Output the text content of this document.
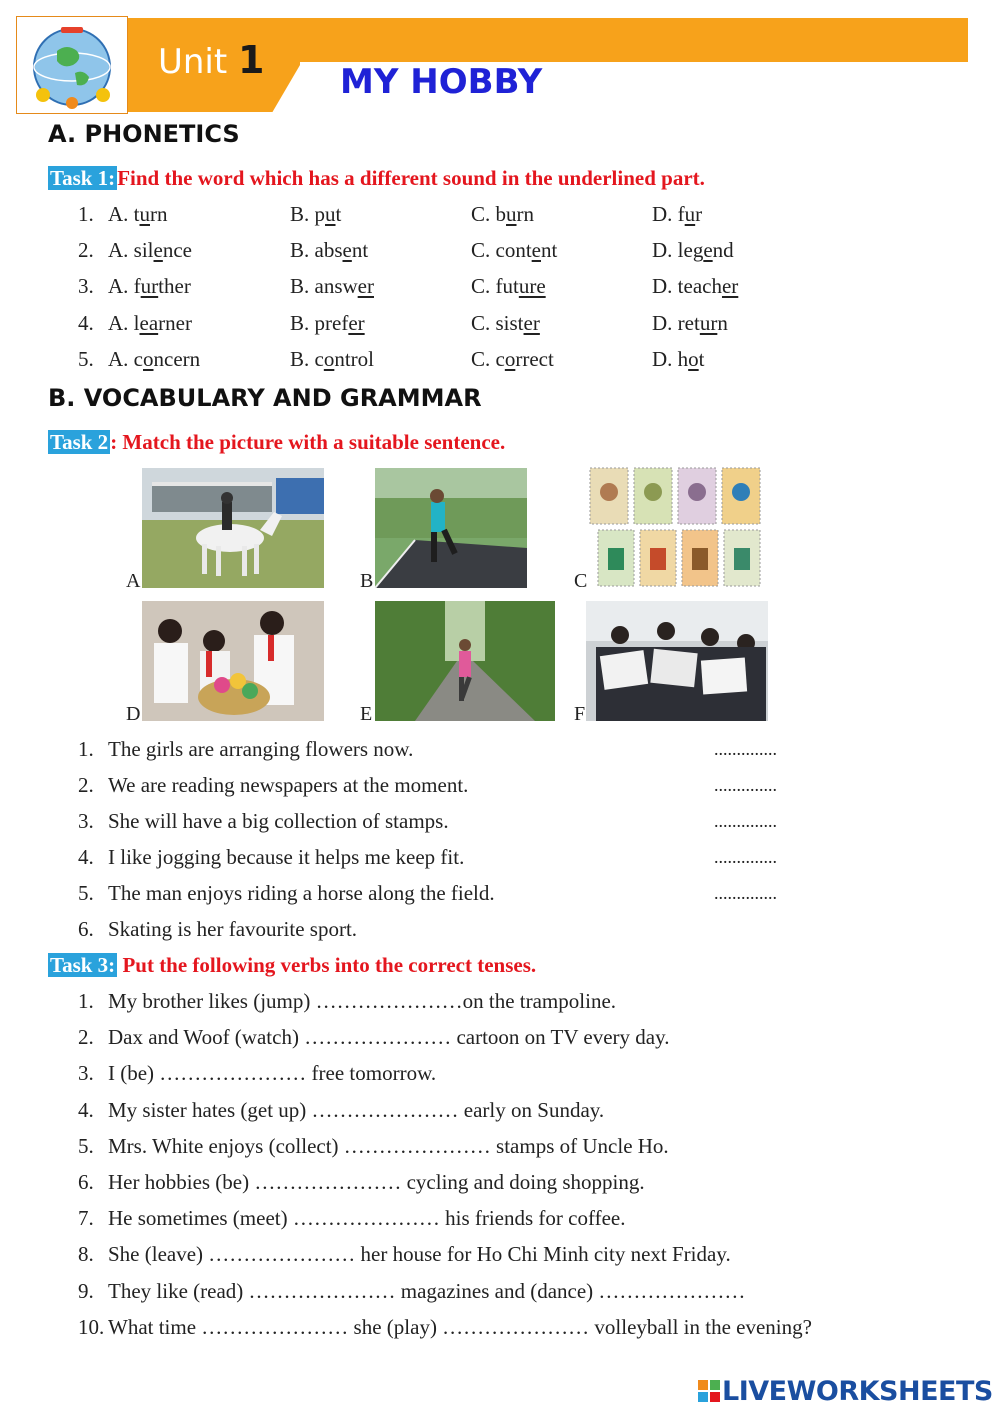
Unit 1 MY HOBBY
A. PHONETICS
Task 1:Find the word which has a different sound in the underlined part.
1. A. turn	B. put	C. burn	D. fur
2. A. silence	B. absent	C. content	D. legend
3. A. further	B. answer	C. future	D. teacher
4. A. learner	B. prefer	C. sister	D. return
5. A. concern	B. control	C. correct	D. hot
B. VOCABULARY AND GRAMMAR
Task 2: Match the picture with a suitable sentence.
A	B	C
D	E	F
1. The girls are arranging flowers now.	..............
2. We are reading newspapers at the moment.	..............
3. She will have a big collection of stamps.	..............
4. I like jogging because it helps me keep fit.	..............
5. The man enjoys riding a horse along the field.	..............
6. Skating is her favourite sport.
Task 3: Put the following verbs into the correct tenses.
1. My brother likes (jump) …………………on the trampoline.
2. Dax and Woof (watch) ………………… cartoon on TV every day.
3. I (be) ………………… free tomorrow.
4. My sister hates (get up) ………………… early on Sunday.
5. Mrs. White enjoys (collect) ………………… stamps of Uncle Ho.
6. Her hobbies (be) ………………… cycling and doing shopping.
7. He sometimes (meet) ………………… his friends for coffee.
8. She (leave) ………………… her house for Ho Chi Minh city next Friday.
9. They like (read) ………………… magazines and (dance) …………………
10. What time ………………… she (play) ………………… volleyball in the evening?
LIVEWORKSHEETS
